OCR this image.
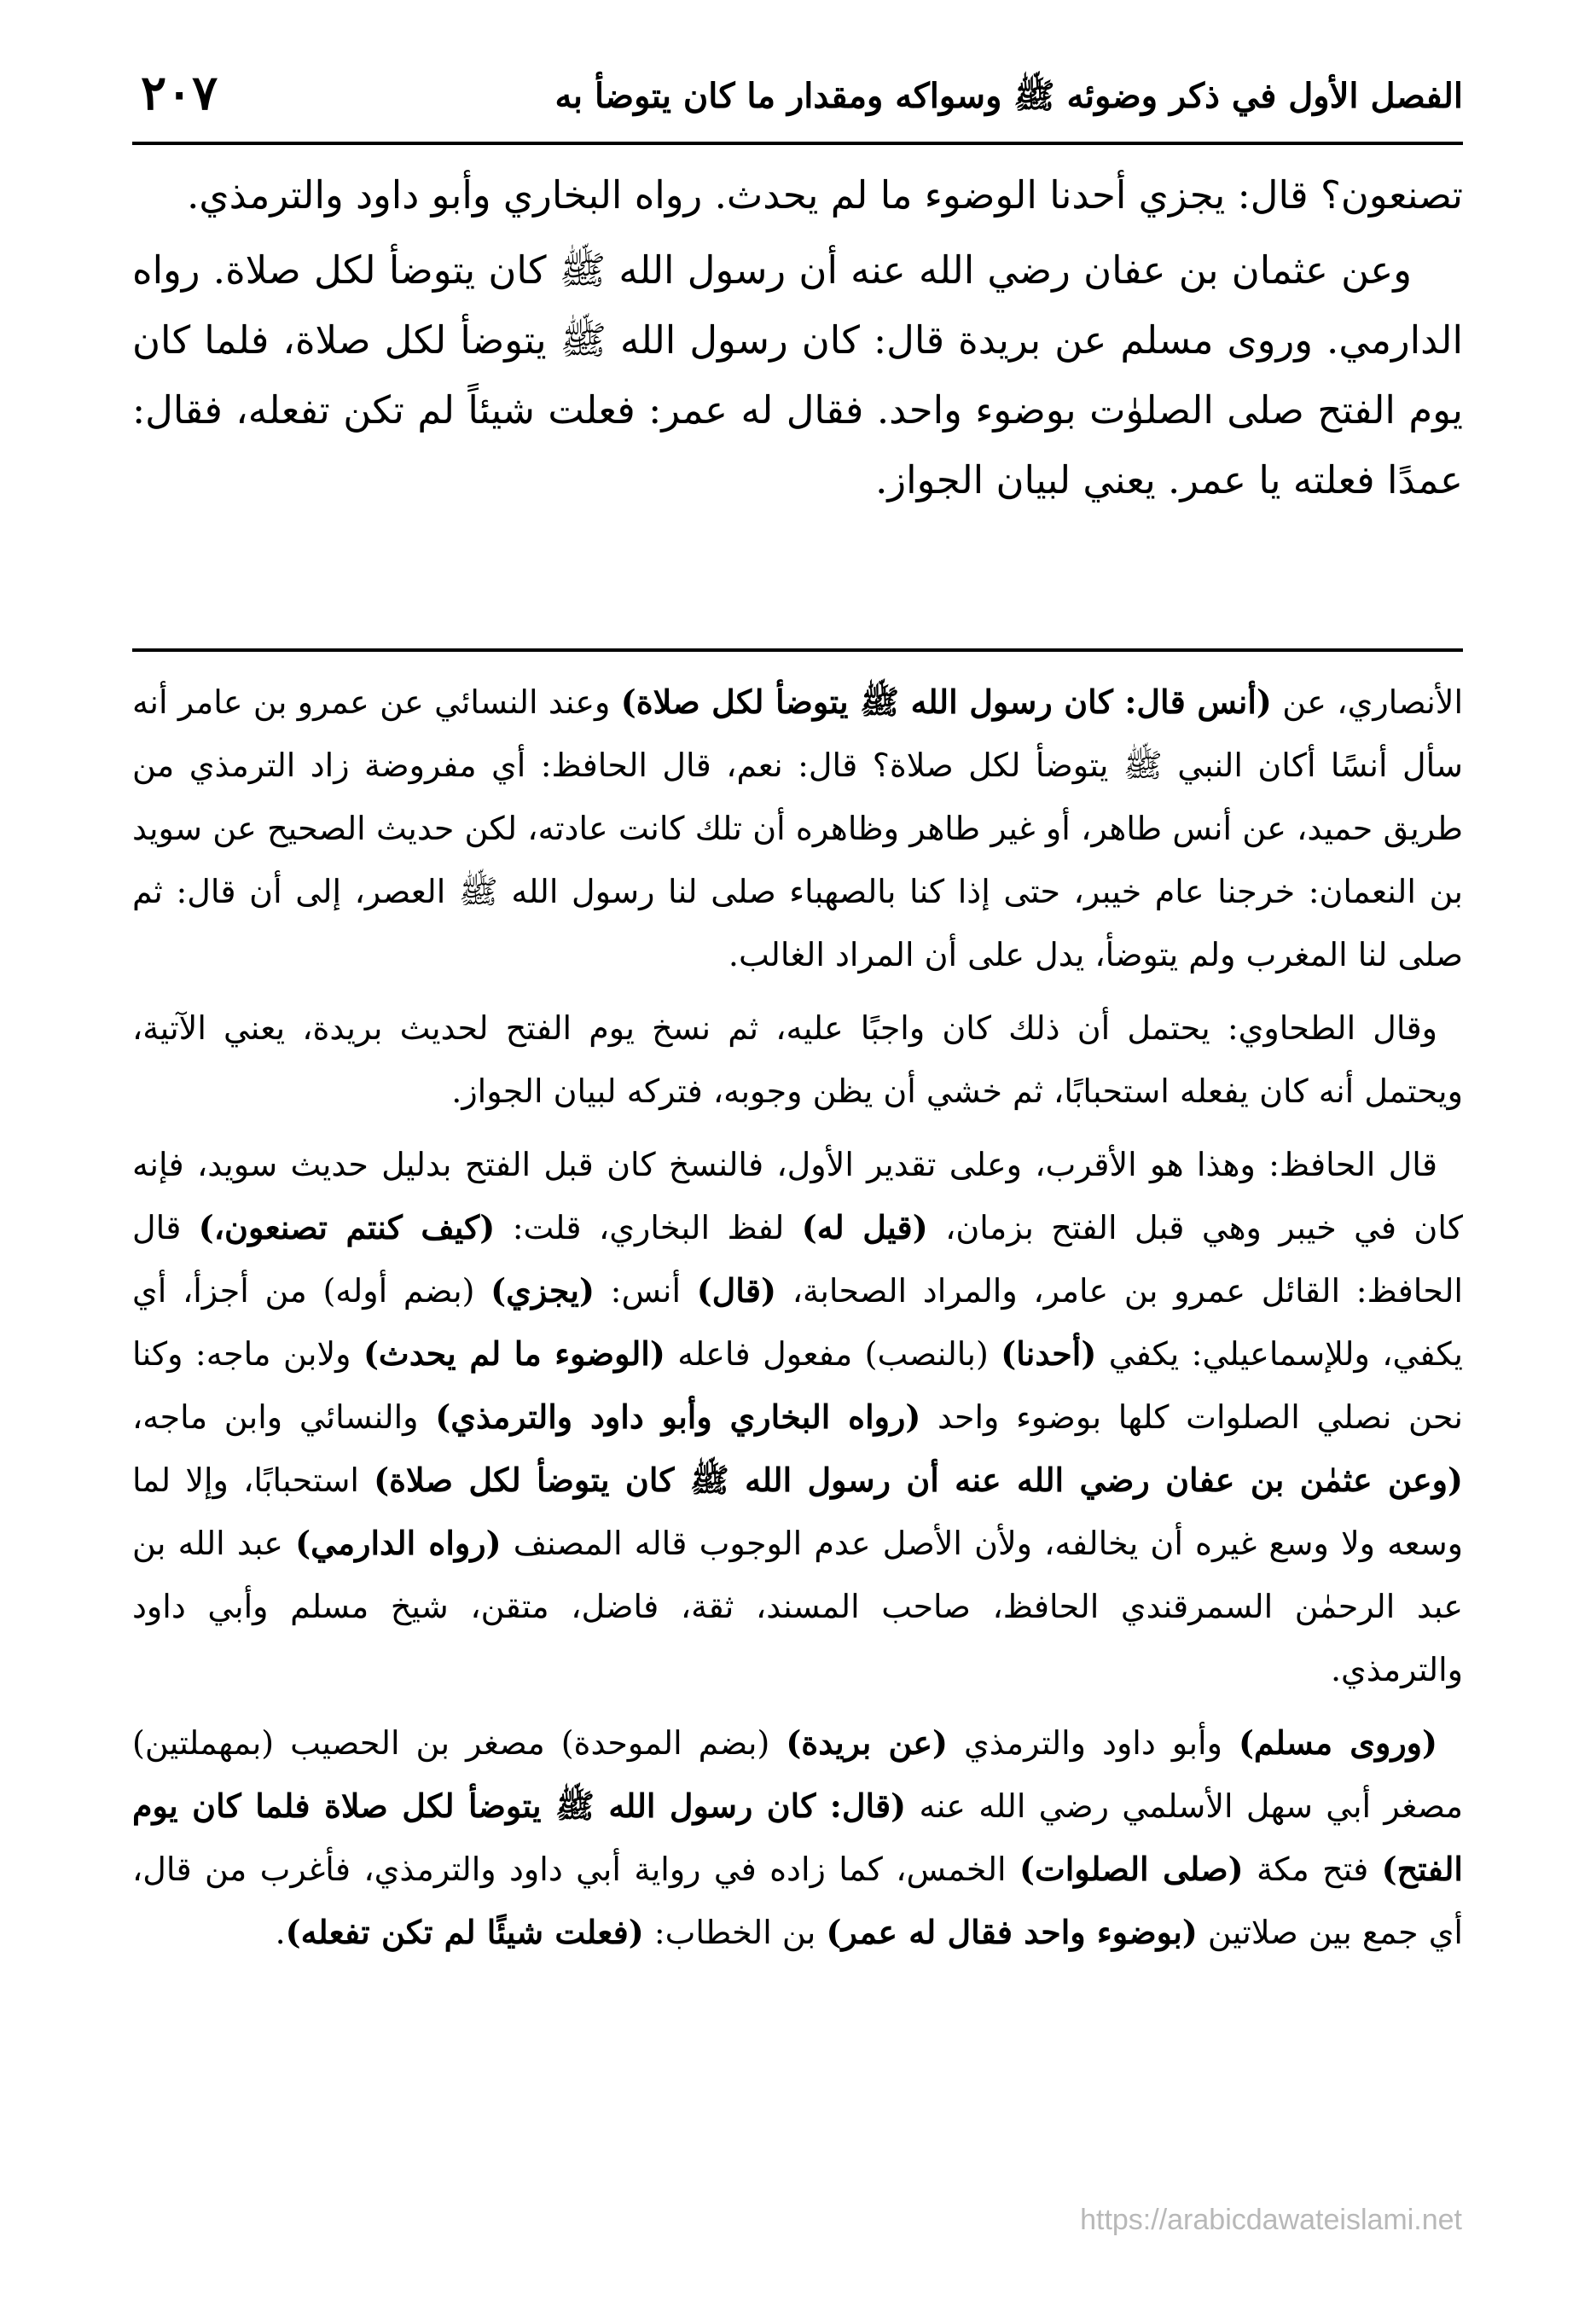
الفصل الأول في ذكر وضوئه ﷺ وسواكه ومقدار ما كان يتوضأ به
٢٠٧

تصنعون؟ قال: يجزي أحدنا الوضوء ما لم يحدث. رواه البخاري وأبو داود والترمذي.

وعن عثمان بن عفان رضي الله عنه أن رسول الله ﷺ كان يتوضأ لكل صلاة. رواه الدارمي. وروى مسلم عن بريدة قال: كان رسول الله ﷺ يتوضأ لكل صلاة، فلما كان يوم الفتح صلى الصلوٰت بوضوء واحد. فقال له عمر: فعلت شيئاً لم تكن تفعله، فقال: عمدًا فعلته يا عمر. يعني لبيان الجواز.

الأنصاري، عن (أنس قال: كان رسول الله ﷺ يتوضأ لكل صلاة) وعند النسائي عن عمرو بن عامر أنه سأل أنسًا أكان النبي ﷺ يتوضأ لكل صلاة؟ قال: نعم، قال الحافظ: أي مفروضة زاد الترمذي من طريق حميد، عن أنس طاهر، أو غير طاهر وظاهره أن تلك كانت عادته، لكن حديث الصحيح عن سويد بن النعمان: خرجنا عام خيبر، حتى إذا كنا بالصهباء صلى لنا رسول الله ﷺ العصر، إلى أن قال: ثم صلى لنا المغرب ولم يتوضأ، يدل على أن المراد الغالب.

وقال الطحاوي: يحتمل أن ذلك كان واجبًا عليه، ثم نسخ يوم الفتح لحديث بريدة، يعني الآتية، ويحتمل أنه كان يفعله استحبابًا، ثم خشي أن يظن وجوبه، فتركه لبيان الجواز.

قال الحافظ: وهذا هو الأقرب، وعلى تقدير الأول، فالنسخ كان قبل الفتح بدليل حديث سويد، فإنه كان في خيبر وهي قبل الفتح بزمان، (قيل له) لفظ البخاري، قلت: (كيف كنتم تصنعون،) قال الحافظ: القائل عمرو بن عامر، والمراد الصحابة، (قال) أنس: (يجزي) (بضم أوله) من أجزأ، أي يكفي، وللإسماعيلي: يكفي (أحدنا) (بالنصب) مفعول فاعله (الوضوء ما لم يحدث) ولابن ماجه: وكنا نحن نصلي الصلوات كلها بوضوء واحد (رواه البخاري وأبو داود والترمذي) والنسائي وابن ماجه، (وعن عثمٰن بن عفان رضي الله عنه أن رسول الله ﷺ كان يتوضأ لكل صلاة) استحبابًا، وإلا لما وسعه ولا وسع غيره أن يخالفه، ولأن الأصل عدم الوجوب قاله المصنف (رواه الدارمي) عبد الله بن عبد الرحمٰن السمرقندي الحافظ، صاحب المسند، ثقة، فاضل، متقن، شيخ مسلم وأبي داود والترمذي.

(وروى مسلم) وأبو داود والترمذي (عن بريدة) (بضم الموحدة) مصغر بن الحصيب (بمهملتين) مصغر أبي سهل الأسلمي رضي الله عنه (قال: كان رسول الله ﷺ يتوضأ لكل صلاة فلما كان يوم الفتح) فتح مكة (صلى الصلوات) الخمس، كما زاده في رواية أبي داود والترمذي، فأغرب من قال، أي جمع بين صلاتين (بوضوء واحد فقال له عمر) بن الخطاب: (فعلت شيئًا لم تكن تفعله).

https://arabicdawateislami.net
